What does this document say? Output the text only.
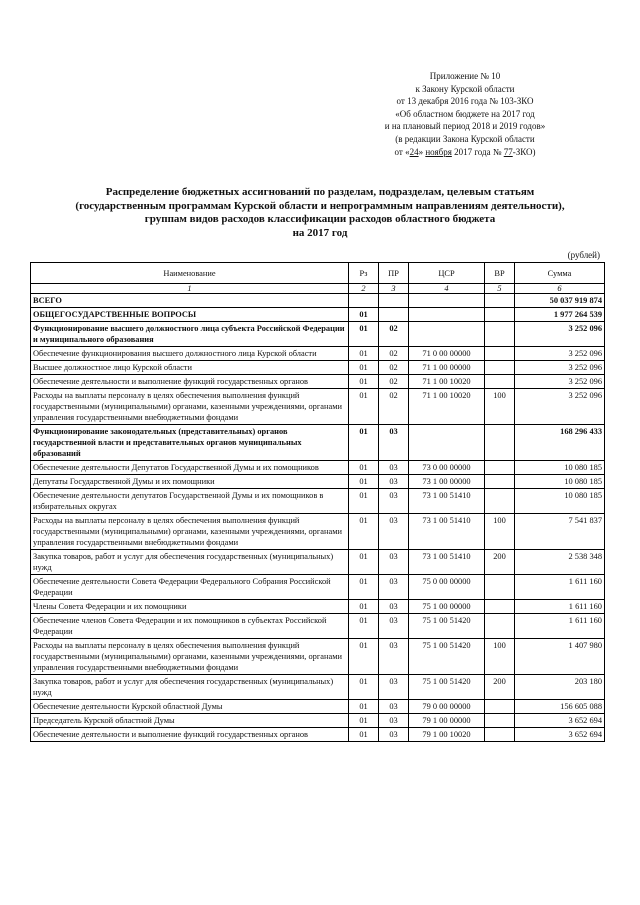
Приложение № 10
к Закону Курской области
от 13 декабря 2016 года № 103-ЗКО
«Об областном бюджете на 2017 год
и на плановый период 2018 и 2019 годов»
(в редакции Закона Курской области
от «24» ноября 2017 года № 77-ЗКО)
Распределение бюджетных ассигнований по разделам, подразделам, целевым статьям
(государственным программам Курской области и непрограммным направлениям деятельности),
группам видов расходов классификации расходов областного бюджета
на 2017 год
(рублей)
Наименование	Рз	ПР	ЦСР	ВР	Сумма
1	2	3	4	5	6
ВСЕГО					50 037 919 874
ОБЩЕГОСУДАРСТВЕННЫЕ ВОПРОСЫ	01				1 977 264 539
Функционирование высшего должностного лица субъекта Российской Федерации и муниципального образования	01	02			3 252 096
Обеспечение функционирования высшего должностного лица Курской области	01	02	71 0 00 00000		3 252 096
Высшее должностное лицо Курской области	01	02	71 1 00 00000		3 252 096
Обеспечение деятельности и выполнение функций государственных органов	01	02	71 1 00 10020		3 252 096
Расходы на выплаты персоналу в целях обеспечения выполнения функций государственными (муниципальными) органами, казенными учреждениями, органами управления государственными внебюджетными фондами	01	02	71 1 00 10020	100	3 252 096
Функционирование законодательных (представительных) органов государственной власти и представительных органов муниципальных образований	01	03			168 296 433
Обеспечение деятельности Депутатов Государственной Думы и их помощников	01	03	73 0 00 00000		10 080 185
Депутаты Государственной Думы и их помощники	01	03	73 1 00 00000		10 080 185
Обеспечение деятельности депутатов Государственной Думы и их помощников в избирательных округах	01	03	73 1 00 51410		10 080 185
Расходы на выплаты персоналу в целях обеспечения выполнения функций государственными (муниципальными) органами, казенными учреждениями, органами управления государственными внебюджетными фондами	01	03	73 1 00 51410	100	7 541 837
Закупка товаров, работ и услуг для обеспечения государственных (муниципальных) нужд	01	03	73 1 00 51410	200	2 538 348
Обеспечение деятельности Совета Федерации Федерального Собрания Российской Федерации	01	03	75 0 00 00000		1 611 160
Члены Совета Федерации и их помощники	01	03	75 1 00 00000		1 611 160
Обеспечение членов Совета Федерации и их помощников в субъектах Российской Федерации	01	03	75 1 00 51420		1 611 160
Расходы на выплаты персоналу в целях обеспечения выполнения функций государственными (муниципальными) органами, казенными учреждениями, органами управления государственными внебюджетными фондами	01	03	75 1 00 51420	100	1 407 980
Закупка товаров, работ и услуг для обеспечения государственных (муниципальных) нужд	01	03	75 1 00 51420	200	203 180
Обеспечение деятельности Курской областной Думы	01	03	79 0 00 00000		156 605 088
Председатель Курской областной Думы	01	03	79 1 00 00000		3 652 694
Обеспечение деятельности и выполнение функций государственных органов	01	03	79 1 00 10020		3 652 694
